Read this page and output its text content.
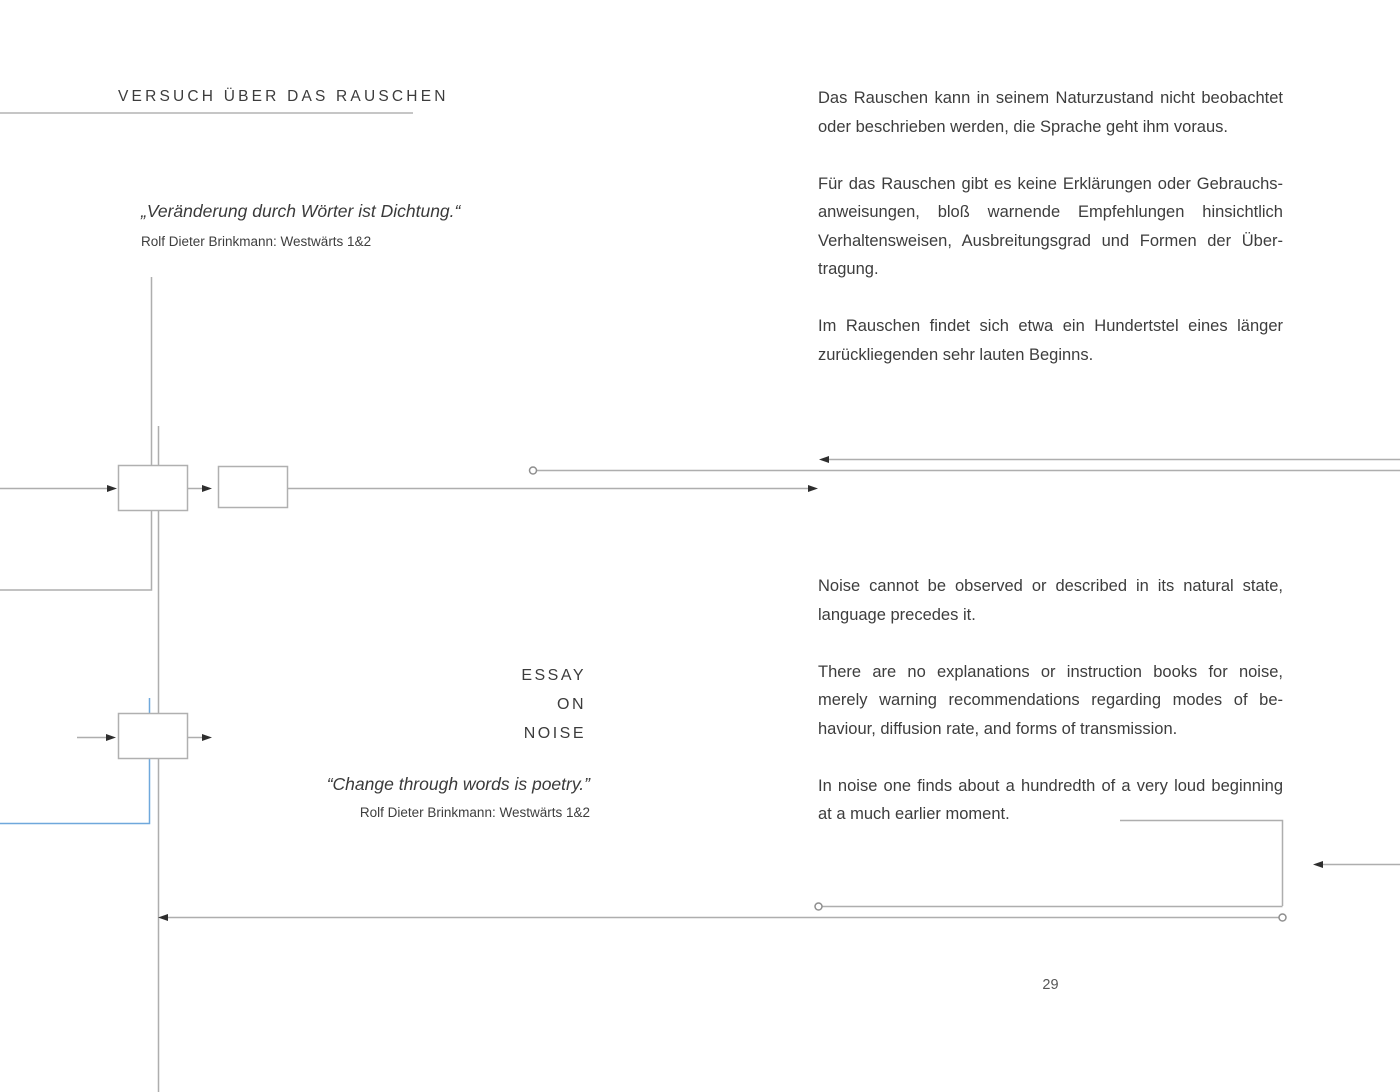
VERSUCH ÜBER DAS RAUSCHEN
„Veränderung durch Wörter ist Dichtung.“
Rolf Dieter Brinkmann: Westwärts 1&2
ESSAY
ON
NOISE
“Change through words is poetry.”
Rolf Dieter Brinkmann: Westwärts 1&2

Das Rauschen kann in seinem Naturzustand nicht beobachtet oder beschrieben werden, die Sprache geht ihm voraus.

Für das Rauschen gibt es keine Erklärungen oder Gebrauchsanweisungen, bloß warnende Empfehlungen hinsichtlich Verhaltensweisen, Ausbreitungsgrad und Formen der Übertragung.

Im Rauschen findet sich etwa ein Hundertstel eines länger zurückliegenden sehr lauten Beginns.

Noise cannot be observed or described in its natural state, language precedes it.

There are no explanations or instruction books for noise, merely warning recommendations regarding modes of behaviour, diffusion rate, and forms of transmission.

In noise one finds about a hundredth of a very loud beginning at a much earlier moment.

29
